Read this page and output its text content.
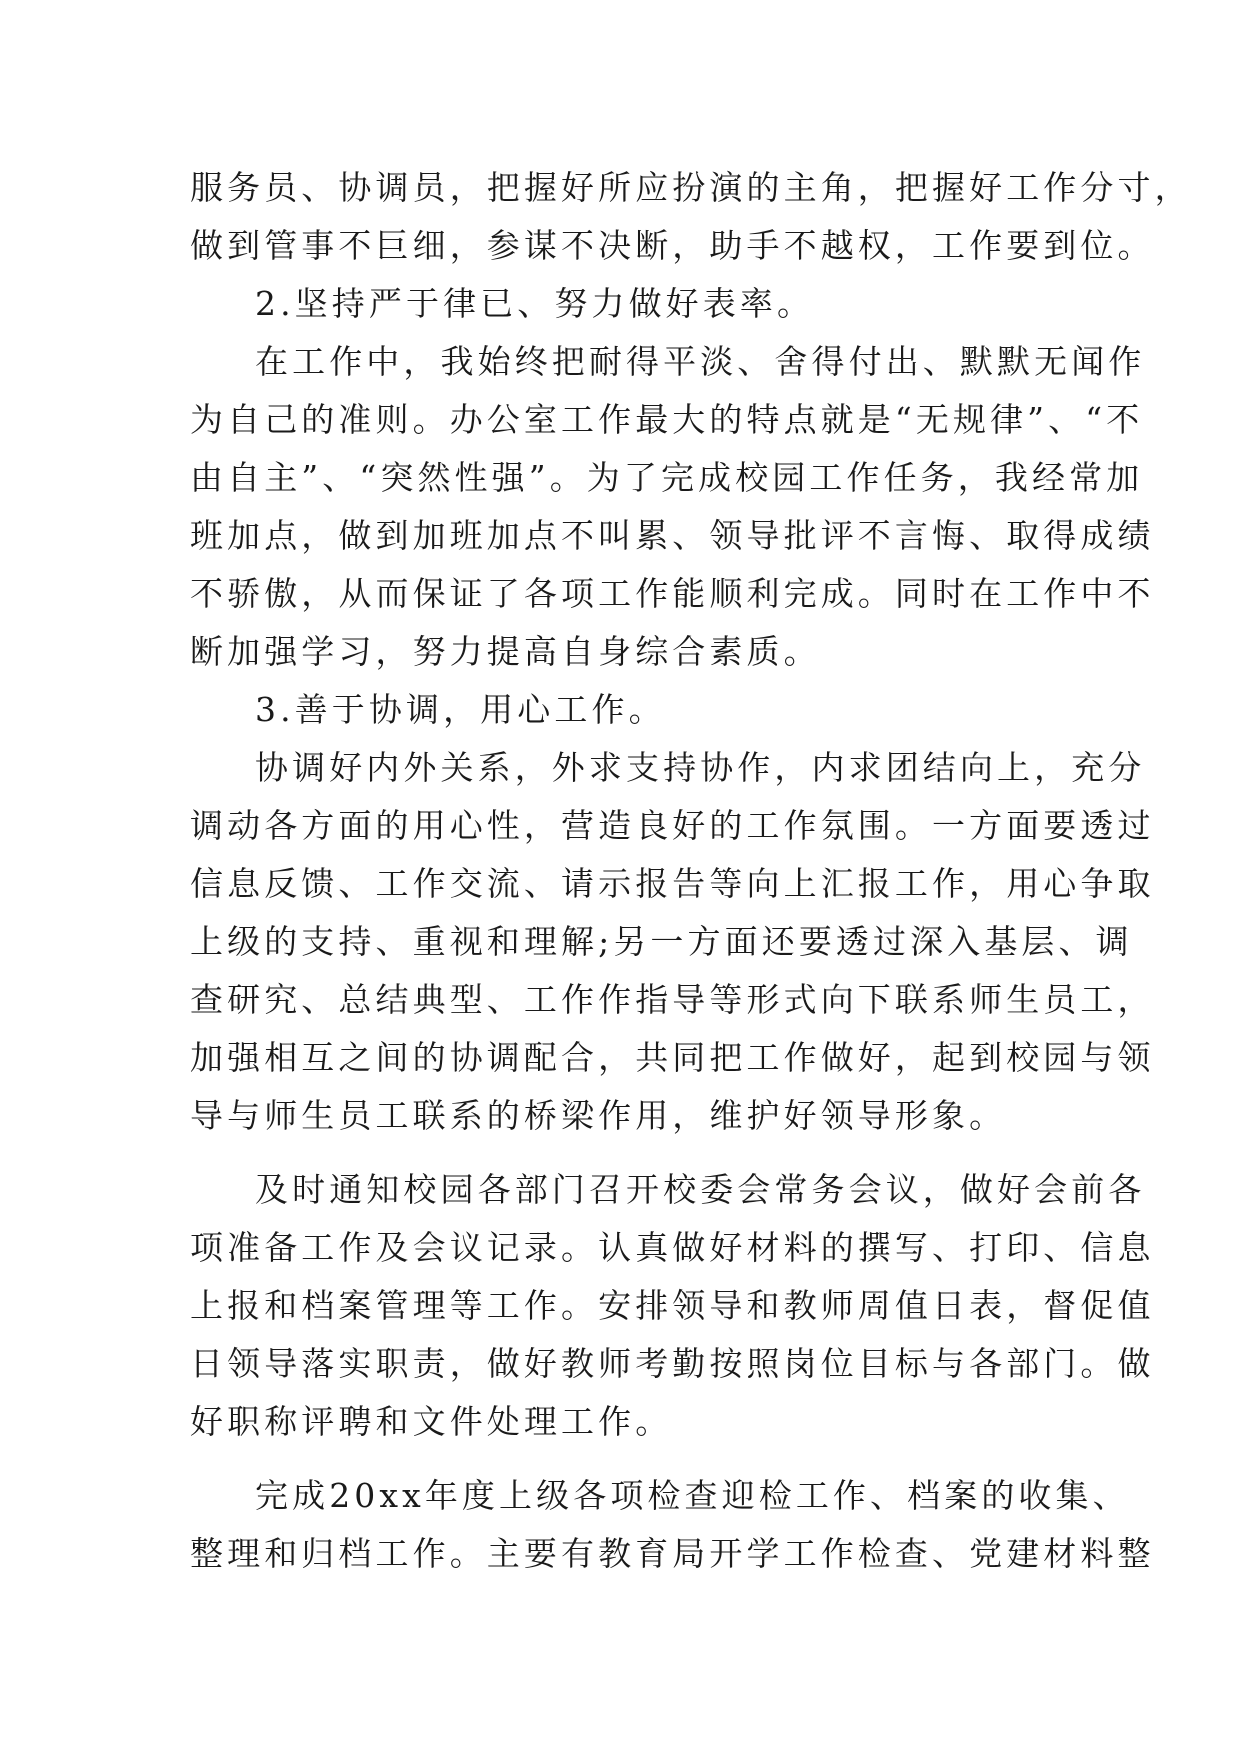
服务员、协调员，把握好所应扮演的主角，把握好工作分寸，
做到管事不巨细，参谋不决断，助手不越权，工作要到位。
2.坚持严于律已、努力做好表率。
在工作中，我始终把耐得平淡、舍得付出、默默无闻作
为自己的准则。办公室工作最大的特点就是“无规律”、“不
由自主”、“突然性强”。为了完成校园工作任务，我经常加
班加点，做到加班加点不叫累、领导批评不言悔、取得成绩
不骄傲，从而保证了各项工作能顺利完成。同时在工作中不
断加强学习，努力提高自身综合素质。
3.善于协调，用心工作。
协调好内外关系，外求支持协作，内求团结向上，充分
调动各方面的用心性，营造良好的工作氛围。一方面要透过
信息反馈、工作交流、请示报告等向上汇报工作，用心争取
上级的支持、重视和理解;另一方面还要透过深入基层、调
查研究、总结典型、工作作指导等形式向下联系师生员工，
加强相互之间的协调配合，共同把工作做好，起到校园与领
导与师生员工联系的桥梁作用，维护好领导形象。
及时通知校园各部门召开校委会常务会议，做好会前各
项准备工作及会议记录。认真做好材料的撰写、打印、信息
上报和档案管理等工作。安排领导和教师周值日表，督促值
日领导落实职责，做好教师考勤按照岗位目标与各部门。做
好职称评聘和文件处理工作。
完成20xx年度上级各项检查迎检工作、档案的收集、
整理和归档工作。主要有教育局开学工作检查、党建材料整
